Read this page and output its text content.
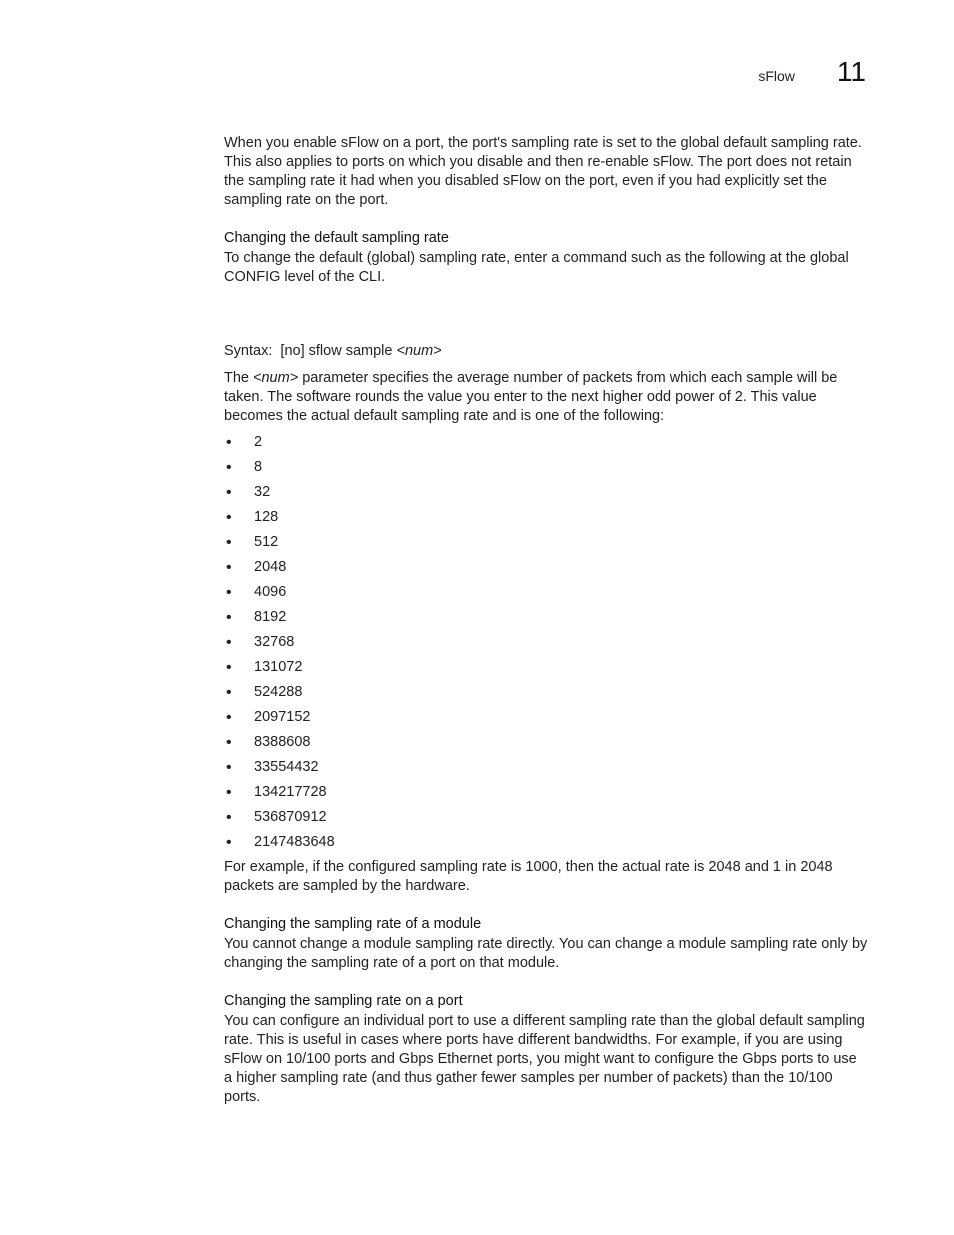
sFlow 11

When you enable sFlow on a port, the port's sampling rate is set to the global default sampling rate. This also applies to ports on which you disable and then re-enable sFlow. The port does not retain the sampling rate it had when you disabled sFlow on the port, even if you had explicitly set the sampling rate on the port.

Changing the default sampling rate

To change the default (global) sampling rate, enter a command such as the following at the global CONFIG level of the CLI.

Syntax: [no] sflow sample <num>

The <num> parameter specifies the average number of packets from which each sample will be taken. The software rounds the value you enter to the next higher odd power of 2. This value becomes the actual default sampling rate and is one of the following:

•	2
•	8
•	32
•	128
•	512
•	2048
•	4096
•	8192
•	32768
•	131072
•	524288
•	2097152
•	8388608
•	33554432
•	134217728
•	536870912
•	2147483648

For example, if the configured sampling rate is 1000, then the actual rate is 2048 and 1 in 2048 packets are sampled by the hardware.

Changing the sampling rate of a module

You cannot change a module sampling rate directly. You can change a module sampling rate only by changing the sampling rate of a port on that module.

Changing the sampling rate on a port

You can configure an individual port to use a different sampling rate than the global default sampling rate. This is useful in cases where ports have different bandwidths. For example, if you are using sFlow on 10/100 ports and Gbps Ethernet ports, you might want to configure the Gbps ports to use a higher sampling rate (and thus gather fewer samples per number of packets) than the 10/100 ports.
